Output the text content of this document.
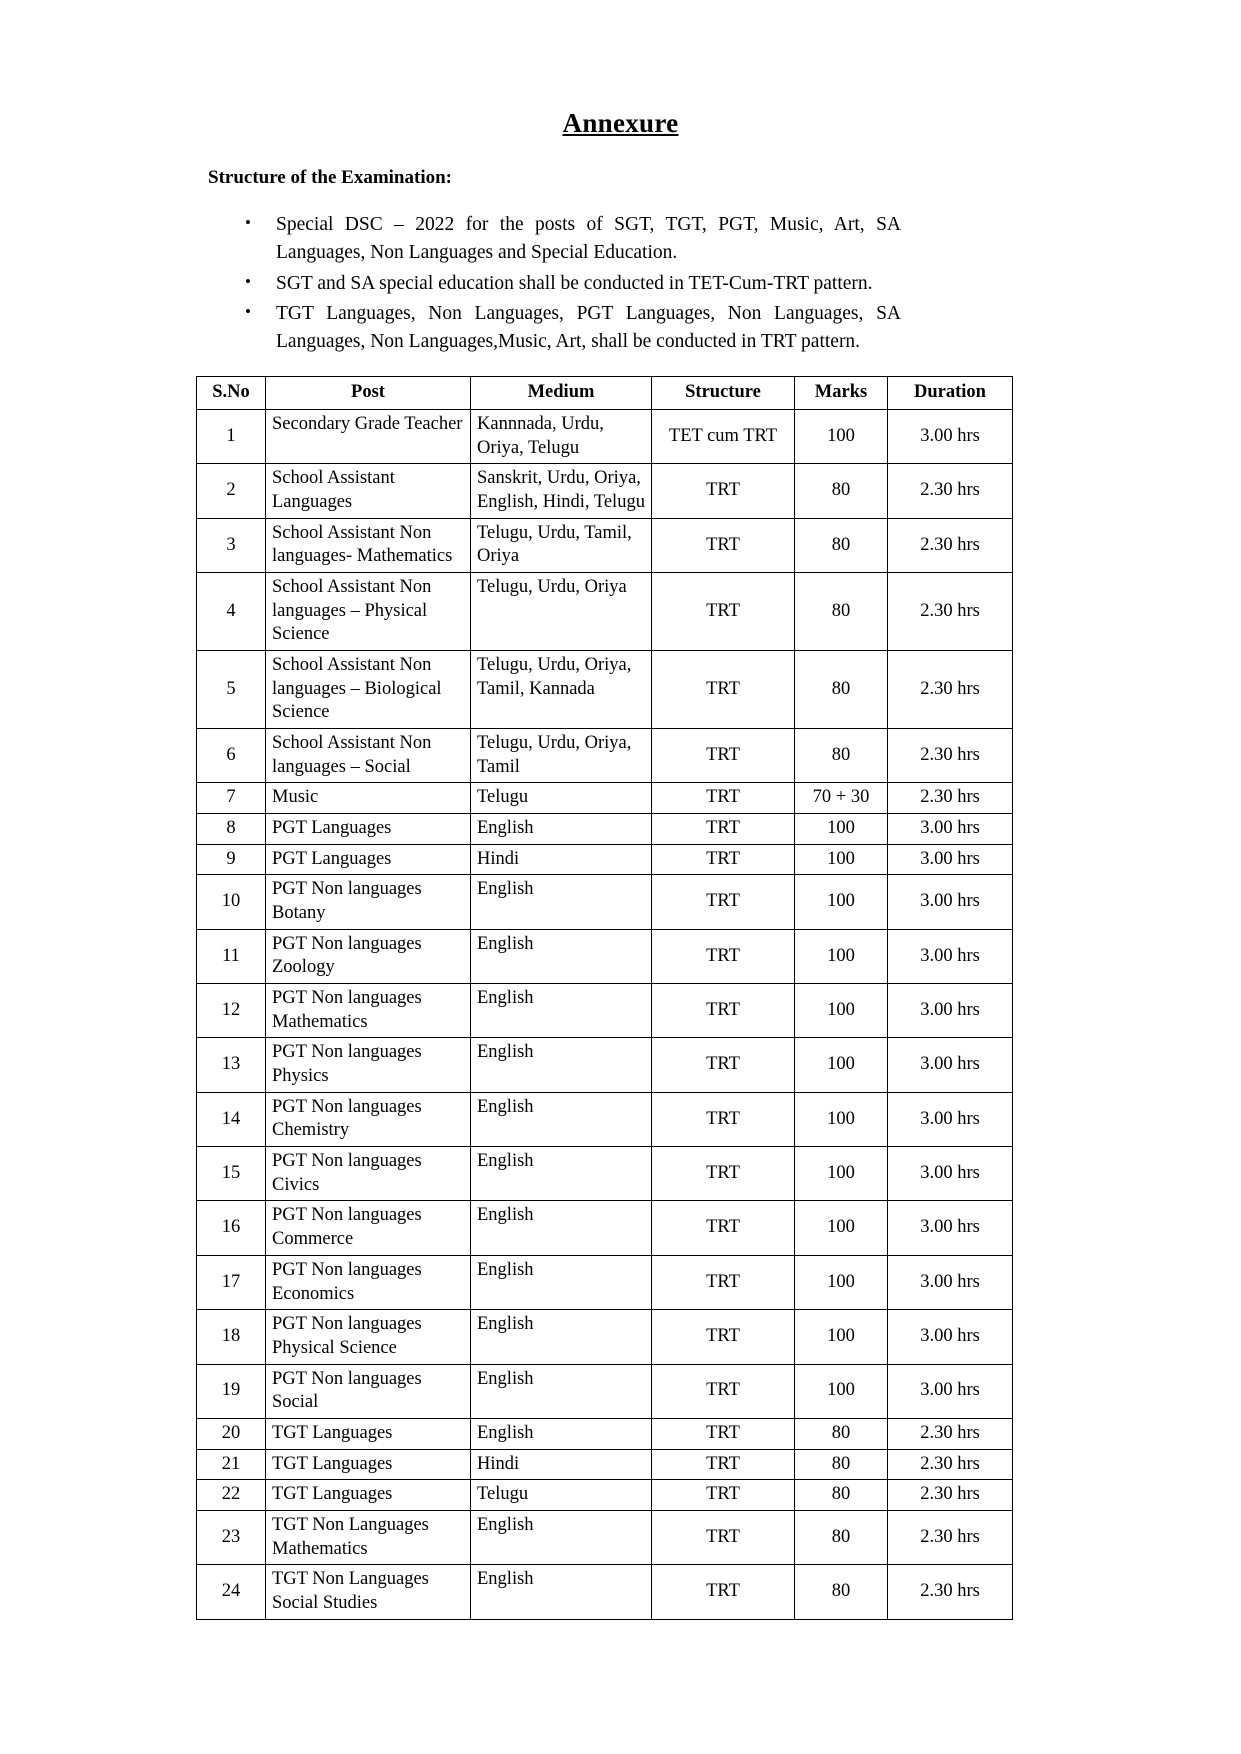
Annexure
Structure of the Examination:
• Special DSC – 2022 for the posts of SGT, TGT, PGT, Music, Art, SA Languages, Non Languages and Special Education.
• SGT and SA special education shall be conducted in TET-Cum-TRT pattern.
• TGT Languages, Non Languages, PGT Languages, Non Languages, SA Languages, Non Languages,Music, Art, shall be conducted in TRT pattern.
S.No	Post	Medium	Structure	Marks	Duration
1	Secondary Grade Teacher	Kannnada, Urdu, Oriya, Telugu	TET cum TRT	100	3.00 hrs
2	School Assistant Languages	Sanskrit, Urdu, Oriya, English, Hindi, Telugu	TRT	80	2.30 hrs
3	School Assistant Non languages- Mathematics	Telugu, Urdu, Tamil, Oriya	TRT	80	2.30 hrs
4	School Assistant Non languages – Physical Science	Telugu, Urdu, Oriya	TRT	80	2.30 hrs
5	School Assistant Non languages – Biological Science	Telugu, Urdu, Oriya, Tamil, Kannada	TRT	80	2.30 hrs
6	School Assistant Non languages – Social	Telugu, Urdu, Oriya, Tamil	TRT	80	2.30 hrs
7	Music	Telugu	TRT	70 + 30	2.30 hrs
8	PGT Languages	English	TRT	100	3.00 hrs
9	PGT Languages	Hindi	TRT	100	3.00 hrs
10	PGT Non languages Botany	English	TRT	100	3.00 hrs
11	PGT Non languages Zoology	English	TRT	100	3.00 hrs
12	PGT Non languages Mathematics	English	TRT	100	3.00 hrs
13	PGT Non languages Physics	English	TRT	100	3.00 hrs
14	PGT Non languages Chemistry	English	TRT	100	3.00 hrs
15	PGT Non languages Civics	English	TRT	100	3.00 hrs
16	PGT Non languages Commerce	English	TRT	100	3.00 hrs
17	PGT Non languages Economics	English	TRT	100	3.00 hrs
18	PGT Non languages Physical Science	English	TRT	100	3.00 hrs
19	PGT Non languages Social	English	TRT	100	3.00 hrs
20	TGT Languages	English	TRT	80	2.30 hrs
21	TGT Languages	Hindi	TRT	80	2.30 hrs
22	TGT Languages	Telugu	TRT	80	2.30 hrs
23	TGT Non Languages Mathematics	English	TRT	80	2.30 hrs
24	TGT Non Languages Social Studies	English	TRT	80	2.30 hrs
